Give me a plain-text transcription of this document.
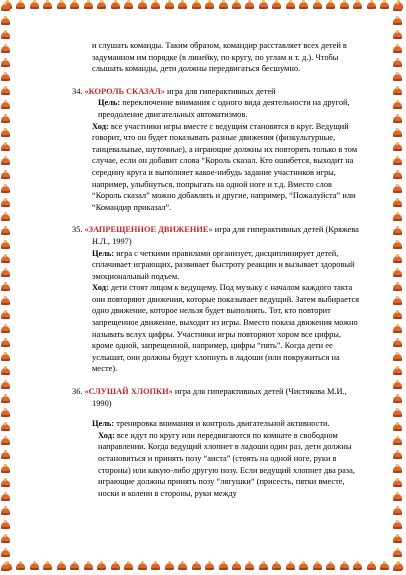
и слушать команды. Таким образом, командир расставляет всех детей в задуманном им порядке (в линейку, по кругу, по углам и т. д.). Чтобы слышать команды, дети должны передвигаться бесшумно.

34. «КОРОЛЬ СКАЗАЛ» игра для гиперактивных детей

Цель: переключение внимания с одного вида деятельности на другой, преодоление двигательных автоматизмов.

Ход: все участники игры вместе с ведущим становятся в круг. Ведущий говорит, что он будет показывать разные движения (физкультурные, танцевальные, шуточные), а играющие должны их повторять только в том случае, если он добавит слова “Король сказал. Кто ошибется, выходит на середину круга и выполняет какое-нибудь задание участников игры, например, улыбнуться, попрыгать на одной ноге и т.д. Вместо слов “Король сказал” можно добавлять и другие, например, “Пожалуйста” или “Командир приказал”.

35. «ЗАПРЕЩЕННОЕ ДВИЖЕНИЕ» игра для гиперактивных детей (Кряжева Н.Л., 1997)

Цель: игра с четкими правилами организует, дисциплинирует детей, сплачивает играющих, развивает быстроту реакции и вызывает здоровый эмоциональный подъем.

Ход: дети стоят лицом к ведущему. Под музыку с началом каждого такта они повторяют движения, которые показывает ведущий. Затем выбирается одно движение, которое нельзя будет выполнять. Тот, кто повторит запрещенное движение, выходит из игры. Вместо показа движения можно называть вслух цифры. Участники игры повторяют хором все цифры, кроме одной, запрещенной, например, цифры “пять”. Когда дети ее услышат, они должны будут хлопнуть в ладоши (или покружиться на месте).

36. «СЛУШАЙ ХЛОПКИ» игра для гиперактивных детей (Чистякова М.И., 1990)

Цель: тренировка внимания и контроль двигательной активности.

Ход: все идут по кругу или передвигаются по комнате в свободном направлении. Когда ведущий хлопнет в ладоши один раз, дети должны остановиться и принять позу “аиста” (стоять на одной ноге, руки в стороны) или какую-либо другую позу. Если ведущий хлопнет два раза, играющие должны принять позу “лягушки” (присесть, пятки вместе, носки и колени в стороны, руки между
